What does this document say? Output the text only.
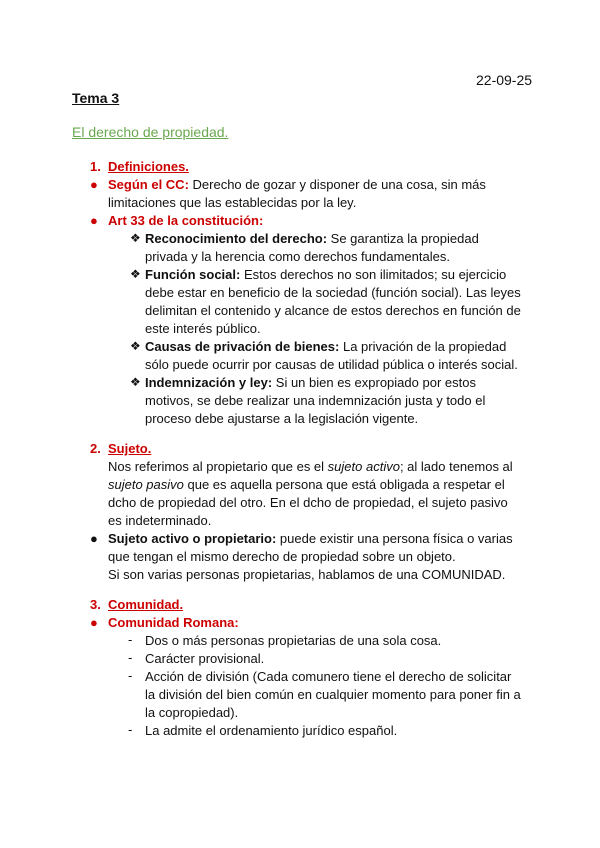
22-09-25
Tema 3
El derecho de propiedad.
1. Definiciones.
● Según el CC: Derecho de gozar y disponer de una cosa, sin más
limitaciones que las establecidas por la ley.
● Art 33 de la constitución:
❖ Reconocimiento del derecho: Se garantiza la propiedad
privada y la herencia como derechos fundamentales.
❖ Función social: Estos derechos no son ilimitados; su ejercicio
debe estar en beneficio de la sociedad (función social). Las leyes
delimitan el contenido y alcance de estos derechos en función de
este interés público.
❖ Causas de privación de bienes: La privación de la propiedad
sólo puede ocurrir por causas de utilidad pública o interés social.
❖ Indemnización y ley: Si un bien es expropiado por estos
motivos, se debe realizar una indemnización justa y todo el
proceso debe ajustarse a la legislación vigente.
2. Sujeto.
Nos referimos al propietario que es el sujeto activo; al lado tenemos al
sujeto pasivo que es aquella persona que está obligada a respetar el
dcho de propiedad del otro. En el dcho de propiedad, el sujeto pasivo
es indeterminado.
● Sujeto activo o propietario: puede existir una persona física o varias
que tengan el mismo derecho de propiedad sobre un objeto.
Si son varias personas propietarias, hablamos de una COMUNIDAD.
3. Comunidad.
● Comunidad Romana:
- Dos o más personas propietarias de una sola cosa.
- Carácter provisional.
- Acción de división (Cada comunero tiene el derecho de solicitar
la división del bien común en cualquier momento para poner fin a
la copropiedad).
- La admite el ordenamiento jurídico español.
